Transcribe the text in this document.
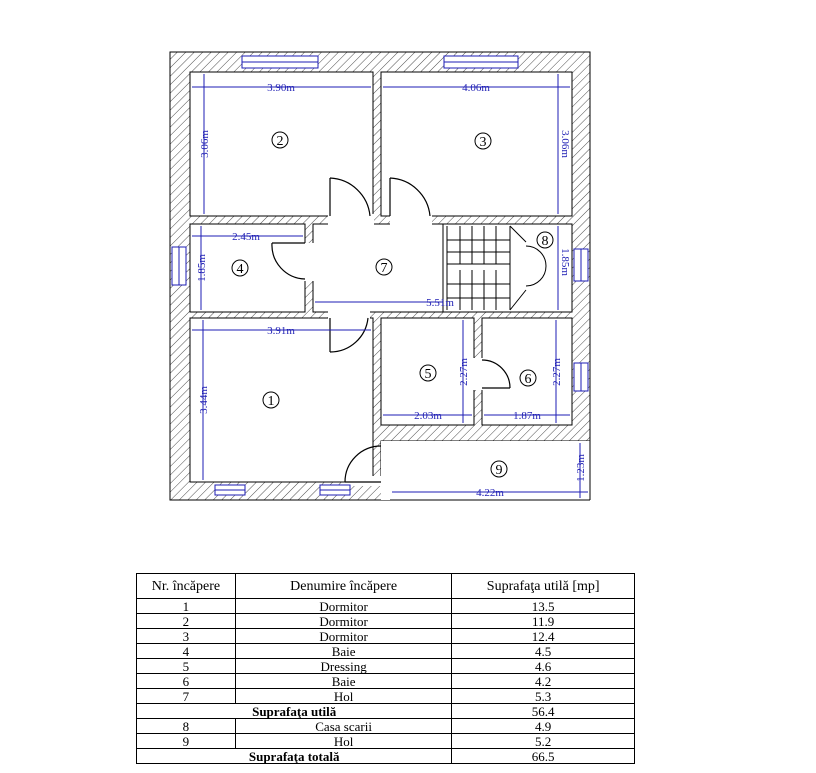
3.90m	4.06m
3.06m	3.06m
2.45m
1.85m	1.85m
5.51m
3.91m
2.27m	2.27m
3.44m
2.03m	1.87m
1.23m
4.22m
2	3
4	7
8
5	6
1
9
Nr. încăpere	Denumire încăpere	Suprafaţa utilă [mp]
1	Dormitor	13.5
2	Dormitor	11.9
3	Dormitor	12.4
4	Baie	4.5
5	Dressing	4.6
6	Baie	4.2
7	Hol	5.3
Suprafaţa utilă		56.4
8	Casa scarii	4.9
9	Hol	5.2
Suprafaţa totală		66.5
